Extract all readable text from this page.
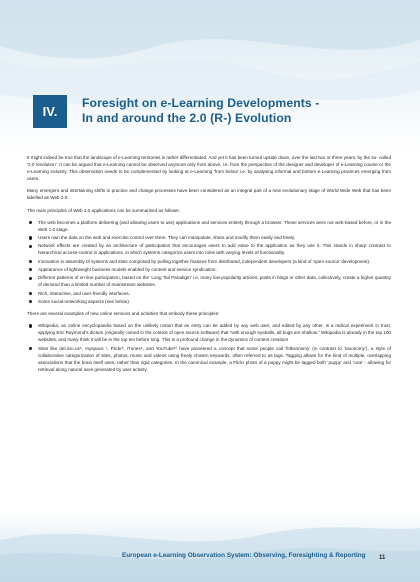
IV.
Foresight on e-Learning Developments -
In and around the 2.0 (R-) Evolution

It might indeed be true that the landscape of e-Learning territories is rather differentiated. And yet it has been turned upside down, over the last two or three years, by the so- called ‘2.0 revolution’. It can be argued that e-Learning cannot be observed anymore only from above, i.e. from the perspective of the designer and developer of e-Learning course or the e-Learning industry. This observation needs to be complemented by looking at e-Learning ‘from below’ i.e. by analysing informal and bottom e-Learning practices emerging from users.

Many emergent and intertwining shifts in practice and change processes have been considered as an integral part of a new evolutionary stage of World Wide Web that has been labelled as Web 2.0.

The main principles of Web 2.0 applications can be summarised as follows:

The web becomes a platform delivering (and allowing users to use) applications and services entirely through a browser. These services were not web-based before, or in the Web 1.0 stage.
Users own the data on the web and exercise control over them. They can manipulate, share and modify them easily and freely.
Network effects are created by an architecture of participation that encourages users to add value to the application as they use it. This stands in sharp contrast to hierarchical access-control in applications, in which systems categorize users into roles with varying levels of functionality.
Innovation in assembly of systems and sites composed by pulling together features from distributed, independent developers (a kind of ‘open source’ development).
Appearance of lightweight business models enabled by content and service syndication.
Different patterns of on-line participation, based on the ‘Long Tail Paradigm’ i.e. many low-popularity articles, posts in blogs or other data, collectively, create a higher quantity of demand than a limited number of mainstream websites.
Rich, interactive, and user-friendly interfaces.
Some social-networking aspects (see below).

There are several examples of new online services and activities that embody these principles:

Wikipedia, an online encyclopaedia based on the unlikely notion that an entry can be added by any web user, and edited by any other, is a radical experiment in trust, applying Eric Raymond’s dictum (originally coined in the context of open source software) that “with enough eyeballs, all bugs are shallow.” Wikipedia is already in the top 100 websites, and many think it will be in the top ten before long. This is a profound change in the dynamics of content creation!
Sites like del.icio.us⁶, myspace ⁷, Flickr⁸, iTunes⁹, and YouTube¹⁰ have pioneered a concept that some people call ‘folksonomy’ (in contrast to ‘taxonomy’), a style of collaborative categorization of sites, photos, music and videos using freely chosen keywords, often referred to as tags. Tagging allows for the kind of multiple, overlapping associations that the brain itself uses, rather than rigid categories. In the canonical example, a Flickr photo of a puppy might be tagged both ‘puppy’ and ‘cute’ - allowing for retrieval along natural axes generated by user activity.
European e-Learning Observation System: Observing, Foresighting & Reporting 11
